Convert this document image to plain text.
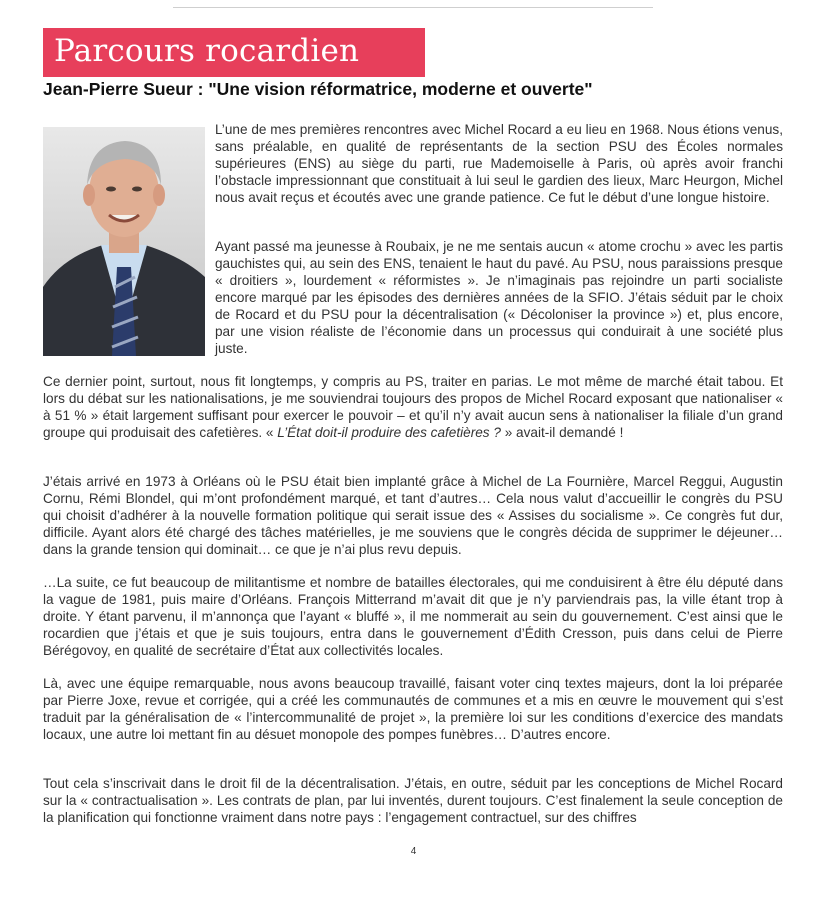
Parcours rocardien
Jean-Pierre Sueur : "Une vision réformatrice, moderne et ouverte"

L’une de mes premières rencontres avec Michel Rocard a eu lieu en 1968. Nous étions venus, sans préalable, en qualité de représentants de la section PSU des Écoles normales supérieures (ENS) au siège du parti, rue Mademoiselle à Paris, où après avoir franchi l’obstacle impressionnant que constituait à lui seul le gardien des lieux, Marc Heurgon, Michel nous avait reçus et écoutés avec une grande patience. Ce fut le début d’une longue histoire.

Ayant passé ma jeunesse à Roubaix, je ne me sentais aucun « atome crochu » avec les partis gauchistes qui, au sein des ENS, tenaient le haut du pavé. Au PSU, nous paraissions presque « droitiers », lourdement « réformistes ». Je n’imaginais pas rejoindre un parti socialiste encore marqué par les épisodes des dernières années de la SFIO. J’étais séduit par le choix de Rocard et du PSU pour la décentralisation (« Décoloniser la province ») et, plus encore, par une vision réaliste de l’économie dans un processus qui conduirait à une société plus juste.

Ce dernier point, surtout, nous fit longtemps, y compris au PS, traiter en parias. Le mot même de marché était tabou. Et lors du débat sur les nationalisations, je me souviendrai toujours des propos de Michel Rocard exposant que nationaliser « à 51 % » était largement suffisant pour exercer le pouvoir – et qu’il n’y avait aucun sens à nationaliser la filiale d’un grand groupe qui produisait des cafetières. « L’État doit-il produire des cafetières ? » avait-il demandé !

J’étais arrivé en 1973 à Orléans où le PSU était bien implanté grâce à Michel de La Fournière, Marcel Reggui, Augustin Cornu, Rémi Blondel, qui m’ont profondément marqué, et tant d’autres… Cela nous valut d’accueillir le congrès du PSU qui choisit d’adhérer à la nouvelle formation politique qui serait issue des « Assises du socialisme ». Ce congrès fut dur, difficile. Ayant alors été chargé des tâches matérielles, je me souviens que le congrès décida de supprimer le déjeuner… dans la grande tension qui dominait… ce que je n’ai plus revu depuis.

…La suite, ce fut beaucoup de militantisme et nombre de batailles électorales, qui me conduisirent à être élu député dans la vague de 1981, puis maire d’Orléans. François Mitterrand m’avait dit que je n’y parviendrais pas, la ville étant trop à droite. Y étant parvenu, il m’annonça que l’ayant « bluffé », il me nommerait au sein du gouvernement. C’est ainsi que le rocardien que j’étais et que je suis toujours, entra dans le gouvernement d’Édith Cresson, puis dans celui de Pierre Bérégovoy, en qualité de secrétaire d’État aux collectivités locales.

Là, avec une équipe remarquable, nous avons beaucoup travaillé, faisant voter cinq textes majeurs, dont la loi préparée par Pierre Joxe, revue et corrigée, qui a créé les communautés de communes et a mis en œuvre le mouvement qui s’est traduit par la généralisation de « l’intercommunalité de projet », la première loi sur les conditions d’exercice des mandats locaux, une autre loi mettant fin au désuet monopole des pompes funèbres… D’autres encore.

Tout cela s’inscrivait dans le droit fil de la décentralisation. J’étais, en outre, séduit par les conceptions de Michel Rocard sur la « contractualisation ». Les contrats de plan, par lui inventés, durent toujours. C’est finalement la seule conception de la planification qui fonctionne vraiment dans notre pays : l’engagement contractuel, sur des chiffres

4
